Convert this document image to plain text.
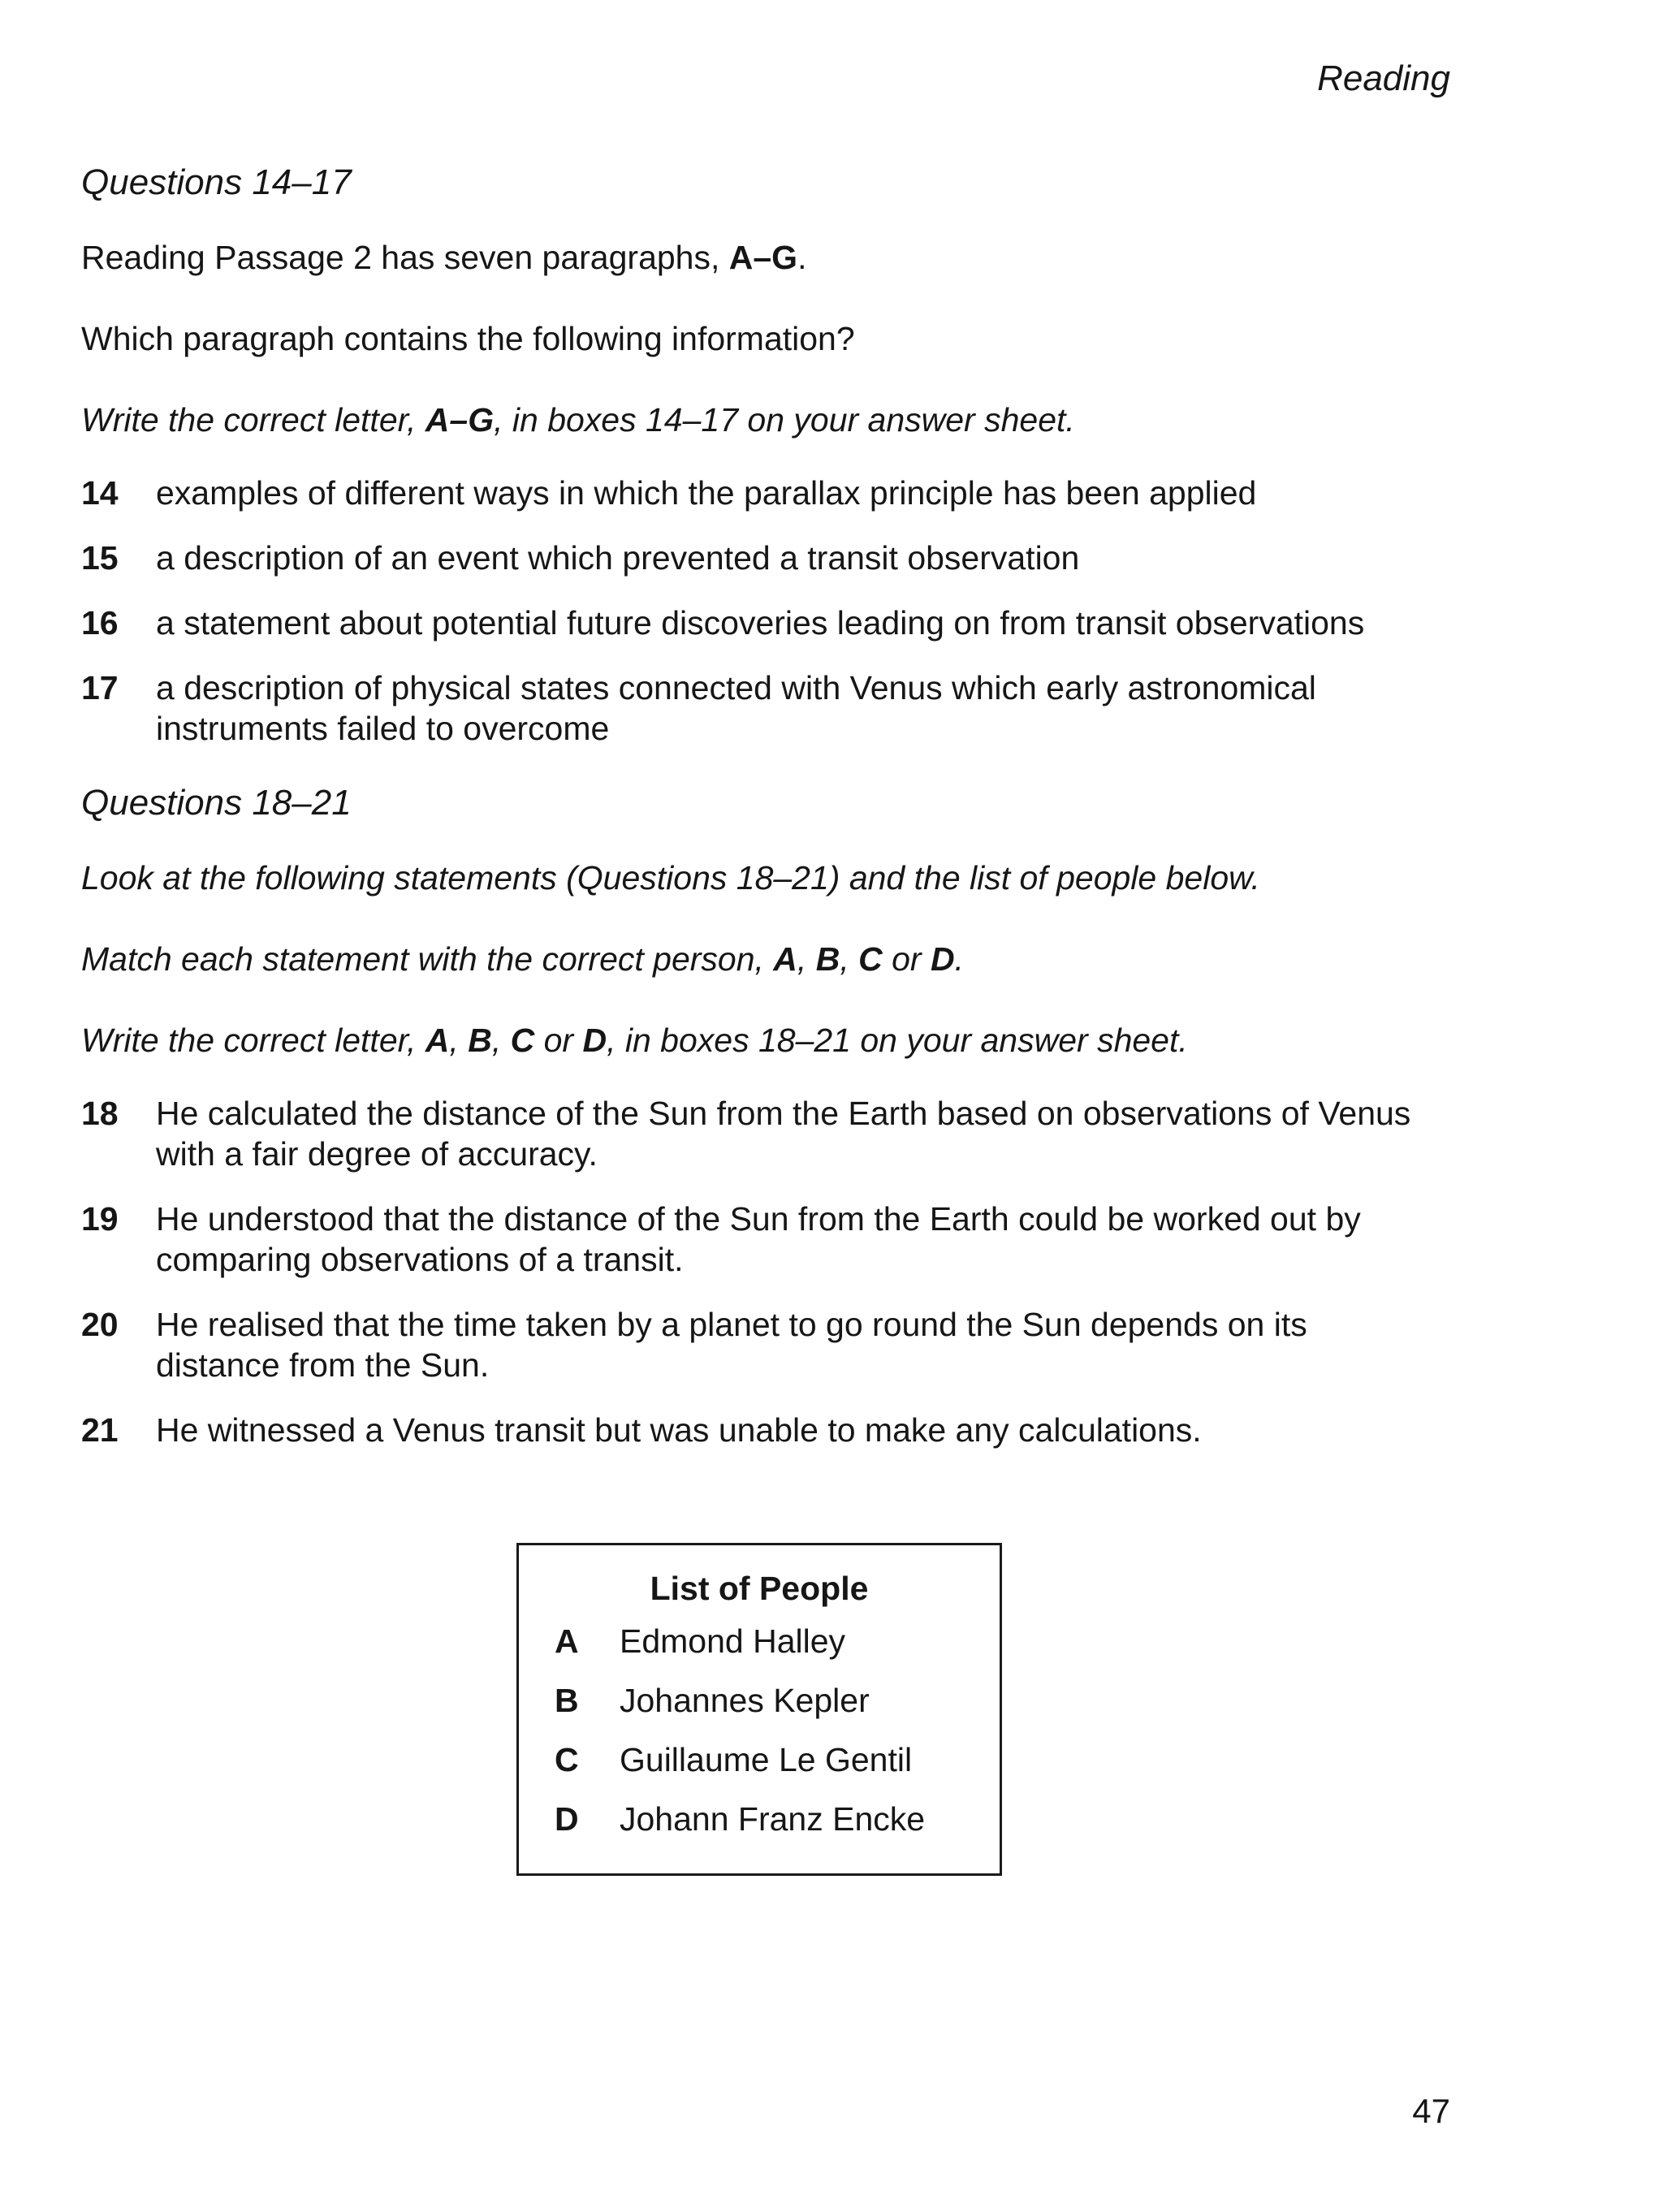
Reading
Questions 14–17

Reading Passage 2 has seven paragraphs, A–G.

Which paragraph contains the following information?

Write the correct letter, A–G, in boxes 14–17 on your answer sheet.

14	examples of different ways in which the parallax principle has been applied
15	a description of an event which prevented a transit observation
16	a statement about potential future discoveries leading on from transit observations
17	a description of physical states connected with Venus which early astronomical instruments failed to overcome
Questions 18–21

Look at the following statements (Questions 18–21) and the list of people below.

Match each statement with the correct person, A, B, C or D.

Write the correct letter, A, B, C or D, in boxes 18–21 on your answer sheet.

18	He calculated the distance of the Sun from the Earth based on observations of Venus with a fair degree of accuracy.
19	He understood that the distance of the Sun from the Earth could be worked out by comparing observations of a transit.
20	He realised that the time taken by a planet to go round the Sun depends on its distance from the Sun.
21	He witnessed a Venus transit but was unable to make any calculations.
List of People
A	Edmond Halley
B	Johannes Kepler
C	Guillaume Le Gentil
D	Johann Franz Encke
47
